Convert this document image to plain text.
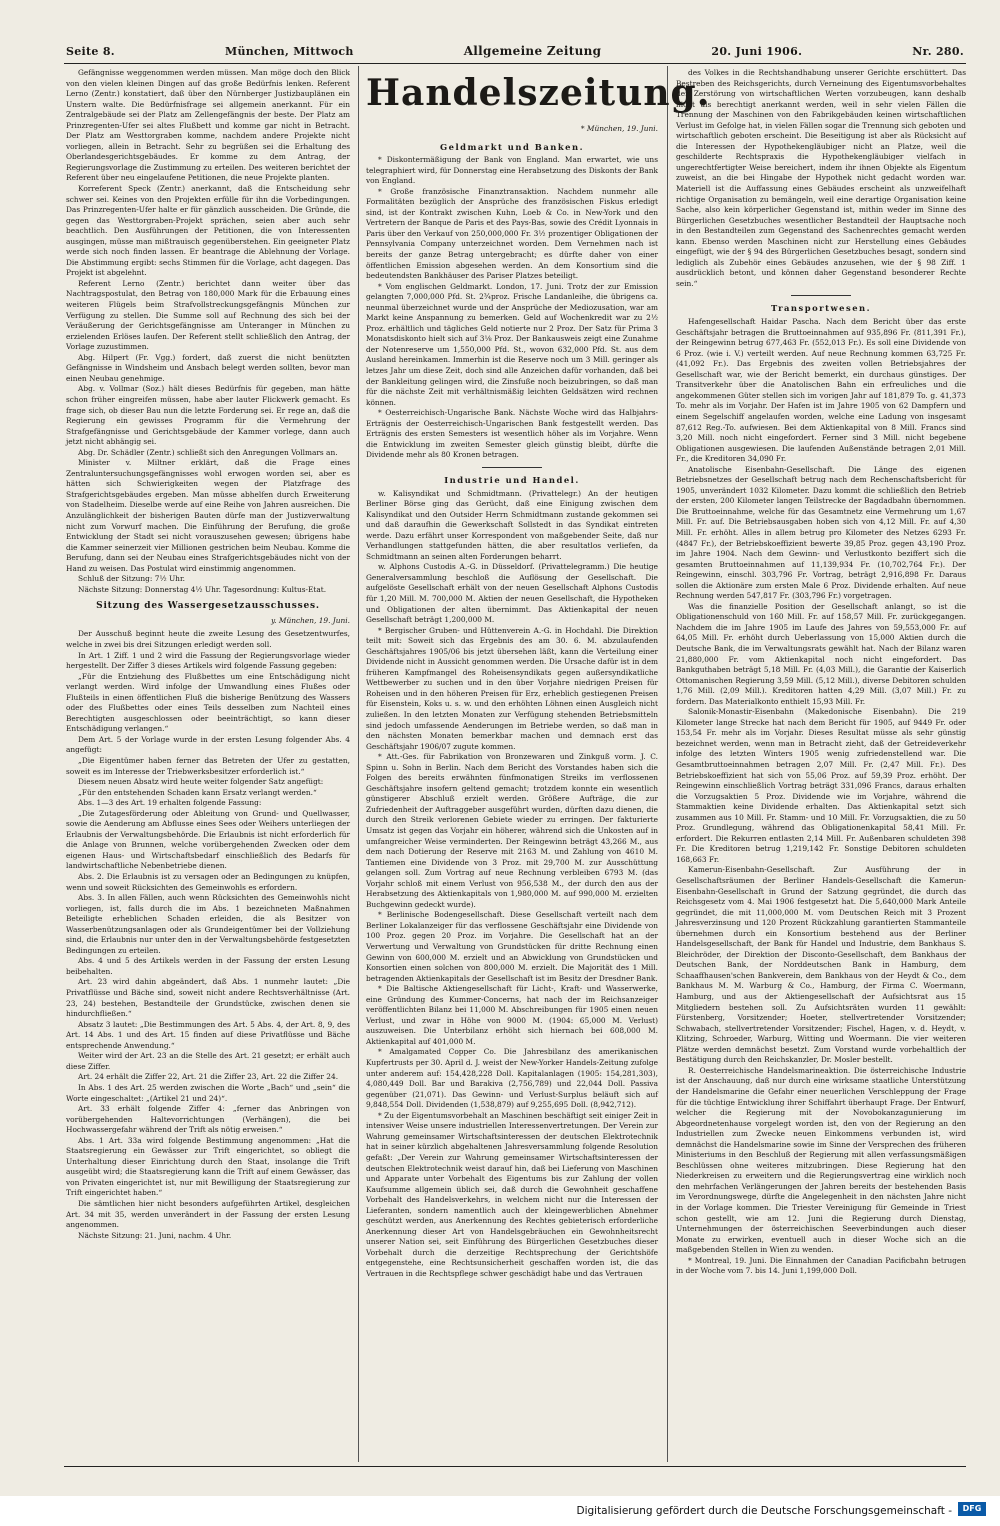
Seite 8.	München, Mittwoch	Allgemeine Zeitung	20. Juni 1906.	Nr. 280.

Gefängnisse weggenommen werden müssen. Man möge doch den Blick von den vielen kleinen Dingen auf das große Bedürfnis lenken. Referent Lerno (Zentr.) konstatiert, daß über den Nürnberger Justizbauplänen ein Unstern walte. Die Bedürfnisfrage sei allgemein anerkannt. Für ein Zentralgebäude sei der Platz am Zellengefängnis der beste. Der Platz am Prinzregenten-Ufer sei altes Flußbett und komme gar nicht in Betracht. Der Platz am Westtorgraben komme, nachdem andere Projekte nicht vorliegen, allein in Betracht. Sehr zu begrüßen sei die Erhaltung des Oberlandesgerichtsgebäudes. Er komme zu dem Antrag, der Regierungsvorlage die Zustimmung zu erteilen. Des weiteren berichtet der Referent über neu eingelaufene Petitionen, die neue Projekte planten.

Korreferent Speck (Zentr.) anerkannt, daß die Entscheidung sehr schwer sei. Keines von den Projekten erfülle für ihn die Vorbedingungen. Das Prinzregenten-Ufer halte er für gänzlich ausscheiden. Die Gründe, die gegen das Westtorgraben-Projekt sprächen, seien aber auch sehr beachtlich. Den Ausführungen der Petitionen, die von Interessenten ausgingen, müsse man mißtrauisch gegenüberstehen. Ein geeigneter Platz werde sich noch finden lassen. Er beantrage die Ablehnung der Vorlage. Die Abstimmung ergibt: sechs Stimmen für die Vorlage, acht dagegen. Das Projekt ist abgelehnt.

Referent Lerno (Zentr.) berichtet dann weiter über das Nachtragspostulat, den Betrag von 180,000 Mark für die Erbauung eines weiteren Flügels beim Strafvollstreckungsgefängnis München zur Verfügung zu stellen. Die Summe soll auf Rechnung des sich bei der Veräußerung der Gerichtsgefängnisse am Unteranger in München zu erzielenden Erlöses laufen. Der Referent stellt schließlich den Antrag, der Vorlage zuzustimmen.

Abg. Hilpert (Fr. Vgg.) fordert, daß zuerst die nicht benützten Gefängnisse in Windsheim und Ansbach belegt werden sollten, bevor man einen Neubau genehmige.

Abg. v. Vollmar (Soz.) hält dieses Bedürfnis für gegeben, man hätte schon früher eingreifen müssen, habe aber lauter Flickwerk gemacht. Es frage sich, ob dieser Bau nun die letzte Forderung sei. Er rege an, daß die Regierung ein gewisses Programm für die Vermehrung der Strafgefängnisse und Gerichtsgebäude der Kammer vorlege, dann auch jetzt nicht abhängig sei.

Abg. Dr. Schädler (Zentr.) schließt sich den Anregungen Vollmars an.

Minister v. Miltner erklärt, daß die Frage eines Zentraluntersuchungsgefängnisses wohl erwogen worden sei, aber es hätten sich Schwierigkeiten wegen der Platzfrage des Strafgerichtsgebäudes ergeben. Man müsse abhelfen durch Erweiterung von Stadelheim. Dieselbe werde auf eine Reihe von Jahren ausreichen. Die Anzulänglichkeit der bisherigen Bauten dürfe man der Justizverwaltung nicht zum Vorwurf machen. Die Einführung der Berufung, die große Entwicklung der Stadt sei nicht vorauszusehen gewesen; übrigens habe die Kammer seinerzeit vier Millionen gestrichen beim Neubau. Komme die Berufung, dann sei der Neubau eines Strafgerichtsgebäudes nicht von der Hand zu weisen. Das Postulat wird einstimmig angenommen.

Schluß der Sitzung: 7½ Uhr.

Nächste Sitzung: Donnerstag 4½ Uhr. Tagesordnung: Kultus-Etat.

Sitzung des Wassergesetzausschusses.
y. München, 19. Juni.

Der Ausschuß beginnt heute die zweite Lesung des Gesetzentwurfes, welche in zwei bis drei Sitzungen erledigt werden soll.

In Art. 1 Ziff. 1 und 2 wird die Fassung der Regierungsvorlage wieder hergestellt. Der Ziffer 3 dieses Artikels wird folgende Fassung gegeben:

„Für die Entziehung des Flußbettes um eine Entschädigung nicht verlangt werden. Wird infolge der Umwandlung eines Flußes oder Flußteils in einen öffentlichen Fluß die bisherige Benützung des Wassers oder des Flußbettes oder eines Teils desselben zum Nachteil eines Berechtigten ausgeschlossen oder beeinträchtigt, so kann dieser Entschädigung verlangen.“

Dem Art. 5 der Vorlage wurde in der ersten Lesung folgender Abs. 4 angefügt:

„Die Eigentümer haben ferner das Betreten der Ufer zu gestatten, soweit es im Interesse der Triebwerksbesitzer erforderlich ist.“

Diesem neuen Absatz wird heute weiter folgender Satz angefügt:

„Für den entstehenden Schaden kann Ersatz verlangt werden.“

Abs. 1—3 des Art. 19 erhalten folgende Fassung:

„Die Zutagesförderung oder Ableitung von Grund- und Quellwasser, sowie die Aenderung am Abflusse eines Sees oder Weihers unterliegen der Erlaubnis der Verwaltungsbehörde. Die Erlaubnis ist nicht erforderlich für die Anlage von Brunnen, welche vorübergehenden Zwecken oder dem eigenen Haus- und Wirtschaftsbedarf einschließlich des Bedarfs für landwirtschaftliche Nebenbetriebe dienen.

Abs. 2. Die Erlaubnis ist zu versagen oder an Bedingungen zu knüpfen, wenn und soweit Rücksichten des Gemeinwohls es erfordern.

Abs. 3. In allen Fällen, auch wenn Rücksichten des Gemeinwohls nicht vorliegen, ist, falls durch die im Abs. 1 bezeichneten Maßnahmen Beteiligte erheblichen Schaden erleiden, die als Besitzer von Wasserbenützungsanlagen oder als Grundeigentümer bei der Vollziehung sind, die Erlaubnis nur unter den in der Verwaltungsbehörde festgesetzten Bedingungen zu erteilen.

Abs. 4 und 5 des Artikels werden in der Fassung der ersten Lesung beibehalten.

Art. 23 wird dahin abgeändert, daß Abs. 1 nunmehr lautet: „Die Privatflüsse und Bäche sind, soweit nicht andere Rechtsverhältnisse (Art. 23, 24) bestehen, Bestandteile der Grundstücke, zwischen denen sie hindurchfließen.“

Absatz 3 lautet: „Die Bestimmungen des Art. 5 Abs. 4, der Art. 8, 9, des Art. 14 Abs. 1 und des Art. 15 finden auf diese Privatflüsse und Bäche entsprechende Anwendung.“

Weiter wird der Art. 23 an die Stelle des Art. 21 gesetzt; er erhält auch diese Ziffer.

Art. 24 erhält die Ziffer 22, Art. 21 die Ziffer 23, Art. 22 die Ziffer 24.

In Abs. 1 des Art. 25 werden zwischen die Worte „Bach“ und „sein“ die Worte eingeschaltet: „(Artikel 21 und 24)“.

Art. 33 erhält folgende Ziffer 4: „ferner das Anbringen von vorübergehenden Haltevorrichtungen (Verhängen), die bei Hochwassergefahr während der Trift als nötig erweisen.“

Abs. 1 Art. 33a wird folgende Bestimmung angenommen: „Hat die Staatsregierung ein Gewässer zur Trift eingerichtet, so obliegt die Unterhaltung dieser Einrichtung durch den Staat, insolange die Trift ausgeübt wird; die Staatsregierung kann die Trift auf einem Gewässer, das von Privaten eingerichtet ist, nur mit Bewilligung der Staatsregierung zur Trift eingerichtet haben.“

Die sämtlichen hier nicht besonders aufgeführten Artikel, desgleichen Art. 34 mit 35, werden unverändert in der Fassung der ersten Lesung angenommen.

Nächste Sitzung: 21. Juni, nachm. 4 Uhr.

Handelszeitung.
* München, 19. Juni.
Geldmarkt und Banken.

* Diskontermäßigung der Bank von England. Man erwartet, wie uns telegraphiert wird, für Donnerstag eine Herabsetzung des Diskonts der Bank von England.

* Große französische Finanztransaktion. Nachdem nunmehr alle Formalitäten bezüglich der Ansprüche des französischen Fiskus erledigt sind, ist der Kontrakt zwischen Kuhn, Loeb & Co. in New-York und den Vertretern der Banque de Paris et des Pays-Bas, sowie des Crédit Lyonnais in Paris über den Verkauf von 250,000,000 Fr. 3½ prozentiger Obligationen der Pennsylvania Company unterzeichnet worden. Dem Vernehmen nach ist bereits der ganze Betrag untergebracht; es dürfte daher von einer öffentlichen Emission abgesehen werden. An dem Konsortium sind die bedeutendsten Bankhäuser des Pariser Platzes beteiligt.

* Vom englischen Geldmarkt. London, 17. Juni. Trotz der zur Emission gelangten 7,000,000 Pfd. St. 2¾proz. Frische Landanleihe, die übrigens ca. neunmal überzeichnet wurde und der Ansprüche der Mediozusation, war am Markt keine Anspannung zu bemerken. Geld auf Wochenkredit war zu 2½ Proz. erhältlich und tägliches Geld notierte nur 2 Proz. Der Satz für Prima 3 Monatsdiskonto hielt sich auf 3⅛ Proz. Der Bankausweis zeigt eine Zunahme der Notenreserve um 1,550,000 Pfd. St., wovon 632,000 Pfd. St. aus dem Ausland hereinkamen. Immerhin ist die Reserve noch um 3 Mill. geringer als letzes Jahr um diese Zeit, doch sind alle Anzeichen dafür vorhanden, daß bei der Bankleitung gelingen wird, die Zinsfuße noch beizubringen, so daß man für die nächste Zeit mit verhältnismäßig leichten Geldsätzen wird rechnen können.

* Oesterreichisch-Ungarische Bank. Nächste Woche wird das Halbjahrs-Erträgnis der Oesterreichisch-Ungarischen Bank festgestellt werden. Das Erträgnis des ersten Semesters ist wesentlich höher als im Vorjahre. Wenn die Entwicklung im zweiten Semester gleich günstig bleibt, dürfte die Dividende mehr als 80 Kronen betragen.

Industrie und Handel.

w. Kalisyndikat und Schmidtmann. (Privattelegr.) An der heutigen Berliner Börse ging das Gerücht, daß eine Einigung zwischen dem Kalisyndikat und den Outsider Herrn Schmidtmann zustande gekommen sei und daß daraufhin die Gewerkschaft Sollstedt in das Syndikat eintreten werde. Dazu erfährt unser Korrespondent von maßgebender Seite, daß nur Verhandlungen stattgefunden hätten, die aber resultatlos verliefen, da Schmidtmann an seinen alten Forderungen beharrt.

w. Alphons Custodis A.-G. in Düsseldorf. (Privattelegramm.) Die heutige Generalversammlung beschloß die Auflösung der Gesellschaft. Die aufgelöste Gesellschaft erhält von der neuen Gesellschaft Alphons Custodis für 1,20 Mill. M. 700,000 M. Aktien der neuen Gesellschaft, die Hypotheken und Obligationen der alten übernimmt. Das Aktienkapital der neuen Gesellschaft beträgt 1,200,000 M.

* Bergischer Gruben- und Hüttenverein A.-G. in Hochdahl. Die Direktion teilt mit: Soweit sich das Ergebnis des am 30. 6. M. abzulaufenden Geschäftsjahres 1905/06 bis jetzt übersehen läßt, kann die Verteilung einer Dividende nicht in Aussicht genommen werden. Die Ursache dafür ist in dem früheren Kampfmangel des Roheisensyndikats gegen außersyndikatliche Wettbewerber zu suchen und in den über Vorjahre niedrigen Preisen für Roheisen und in den höheren Preisen für Erz, erheblich gestiegenen Preisen für Eisenstein, Koks u. s. w. und den erhöhten Löhnen einen Ausgleich nicht zuließen. In den letzten Monaten zur Verfügung stehenden Betriebsmitteln sind jedoch umfassende Aenderungen im Betriebe werden, so daß man in den nächsten Monaten bemerkbar machen und demnach erst das Geschäftsjahr 1906/07 zugute kommen.

* Att.-Ges. für Fabrikation von Bronzewaren und Zinkguß vorm. J. C. Spinn u. Sohn in Berlin. Nach dem Bericht des Vorstandes haben sich die Folgen des bereits erwähnten fünfmonatigen Streiks im verflossenen Geschäftsjahre insofern geltend gemacht; trotzdem konnte ein wesentlich günstigerer Abschluß erzielt werden. Größere Aufträge, die zur Zufriedenheit der Auftraggeber ausgeführt wurden, dürften dazu dienen, die durch den Streik verlorenen Gebiete wieder zu erringen. Der fakturierte Umsatz ist gegen das Vorjahr ein höherer, während sich die Unkosten auf in umfangreicher Weise verminderten. Der Reingewinn beträgt 43,266 M., aus dem nach Dotierung der Reserve mit 2163 M. und Zahlung von 4610 M. Tantiemen eine Dividende von 3 Proz. mit 29,700 M. zur Ausschüttung gelangen soll. Zum Vortrag auf neue Rechnung verbleiben 6793 M. (das Vorjahr schloß mit einem Verlust von 956,538 M., der durch den aus der Herabsetzung des Aktienkapitals von 1,980,000 M. auf 990,000 M. erzielten Buchgewinn gedeckt wurde).

* Berlinische Bodengesellschaft. Diese Gesellschaft verteilt nach dem Berliner Lokalanzeiger für das verflossene Geschäftsjahr eine Dividende von 100 Proz. gegen 20 Proz. im Vorjahre. Die Gesellschaft hat an der Verwertung und Verwaltung von Grundstücken für dritte Rechnung einen Gewinn von 600,000 M. erzielt und an Abwicklung von Grundstücken und Konsortien einen solchen von 800,000 M. erzielt. Die Majorität des 1 Mill. betragenden Aktienkapitals der Gesellschaft ist im Besitz der Dresdner Bank.

* Die Baltische Aktiengesellschaft für Licht-, Kraft- und Wasserwerke, eine Gründung des Kummer-Concerns, hat nach der im Reichsanzeiger veröffentlichten Bilanz bei 11,000 M. Abschreibungen für 1905 einen neuen Verlust, und zwar in Höhe von 9000 M. (1904: 65,000 M. Verlust) auszuweisen. Die Unterbilanz erhöht sich hiernach bei 608,000 M. Aktienkapital auf 401,000 M.

* Amalgamated Copper Co. Die Jahresbilanz des amerikanischen Kupfertrusts per 30. April d. J. weist der New-Yorker Handels-Zeitung zufolge unter anderem auf: 154,428,228 Doll. Kapitalanlagen (1905: 154,281,303), 4,080,449 Doll. Bar und Barakiva (2,756,789) und 22,044 Doll. Passiva gegenüber (21,071). Das Gewinn- und Verlust-Surplus beläuft sich auf 9,848,554 Doll. Dividenden (1,538,879) auf 9,255,695 Doll. (8,942,712).

* Zu der Eigentumsvorbehalt an Maschinen beschäftigt seit einiger Zeit in intensiver Weise unsere industriellen Interessenvertretungen. Der Verein zur Wahrung gemeinsamer Wirtschaftsinteressen der deutschen Elektrotechnik hat in seiner kürzlich abgehaltenen Jahresversammlung folgende Resolution gefaßt: „Der Verein zur Wahrung gemeinsamer Wirtschaftsinteressen der deutschen Elektrotechnik weist darauf hin, daß bei Lieferung von Maschinen und Apparate unter Vorbehalt des Eigentums bis zur Zahlung der vollen Kaufsumme allgemein üblich sei, daß durch die Gewohnheit geschaffene Vorbehalt des Handelsverkehrs, in welchem nicht nur die Interessen der Lieferanten, sondern namentlich auch der kleingewerblichen Abnehmer geschützt werden, aus Anerkennung des Rechtes gebieterisch erforderliche Anerkennung dieser Art von Handelsgebräuchen ein Gewohnheitsrecht unserer Nation sei, seit Einführung des Bürgerlichen Gesetzbuches dieser Vorbehalt durch die derzeitige Rechtsprechung der Gerichtshöfe entgegenstehe, eine Rechtsunsicherheit geschaffen worden ist, die das Vertrauen in die Rechtspflege schwer geschädigt habe und das Vertrauen

des Volkes in die Rechtshandhabung unserer Gerichte erschüttert. Das Bestreben des Reichsgerichts, durch Verneinung des Eigentumsvorbehaltes der Zerstörung von wirtschaftlichen Werten vorzubeugen, kann deshalb nicht als berechtigt anerkannt werden, weil in sehr vielen Fällen die Trennung der Maschinen von den Fabrikgebäuden keinen wirtschaftlichen Verlust im Gefolge hat, in vielen Fällen sogar die Trennung sich geboten und wirtschaftlich geboten erscheint. Die Beseitigung ist aber als Rücksicht auf die Interessen der Hypothekengläubiger nicht an Platze, weil die geschilderte Rechtspraxis die Hypothekengläubiger vielfach in ungerechtfertigter Weise bereichert, indem ihr ihnen Objekte als Eigentum zuweist, an die bei Hingabe der Hypothek nicht gedacht worden war. Materiell ist die Auffassung eines Gebäudes erscheint als unzweifelhaft richtige Organisation zu bemängeln, weil eine derartige Organisation keine Sache, also kein körperlicher Gegenstand ist, mithin weder im Sinne des Bürgerlichen Gesetzbuches wesentlicher Bestandteil der Hauptsache noch in den Bestandteilen zum Gegenstand des Sachenrechtes gemacht werden kann. Ebenso werden Maschinen nicht zur Herstellung eines Gebäudes eingefügt, wie der § 94 des Bürgerlichen Gesetzbuches besagt, sondern sind lediglich als Zubehör eines Gebäudes anzusehen, wie der § 98 Ziff. 1 ausdrücklich betont, und können daher Gegenstand besonderer Rechte sein.“

Transportwesen.

Hafengesellschaft Haidar Pascha. Nach dem Bericht über das erste Geschäftsjahr betragen die Bruttoeinnahmen auf 935,896 Fr. (811,391 Fr.), der Reingewinn betrug 677,463 Fr. (552,013 Fr.). Es soll eine Dividende von 6 Proz. (wie i. V.) verteilt werden. Auf neue Rechnung kommen 63,725 Fr. (41,092 Fr.). Das Ergebnis des zweiten vollen Betriebsjahres der Gesellschaft war, wie der Bericht bemerkt, ein durchaus günstiges. Der Transitverkehr über die Anatolischen Bahn ein erfreuliches und die angekommenen Güter stellen sich im vorigen Jahr auf 181,879 To. g. 41,373 To. mehr als im Vorjahr. Der Hafen ist im Jahre 1905 von 62 Dampfern und einem Segelschiff angelaufen worden, welche eine Ladung von insgesamt 87,612 Reg.-To. aufwiesen. Bei dem Aktienkapital von 8 Mill. Francs sind 3,20 Mill. noch nicht eingefordert. Ferner sind 3 Mill. nicht begebene Obligationen ausgewiesen. Die laufenden Außenstände betragen 2,01 Mill. Fr., die Kreditoren 34,090 Fr.

Anatolische Eisenbahn-Gesellschaft. Die Länge des eigenen Betriebsnetzes der Gesellschaft betrug nach dem Rechenschaftsbericht für 1905, unverändert 1032 Kilometer. Dazu kommt die schließlich den Betrieb der ersten, 200 Kilometer langen Teilstrecke der Bagdadbahn übernommen. Die Bruttoeinnahme, welche für das Gesamtnetz eine Vermehrung um 1,67 Mill. Fr. auf. Die Betriebsausgaben hoben sich von 4,12 Mill. Fr. auf 4,30 Mill. Fr. erhöht. Alles in allem betrug pro Kilometer des Netzes 6293 Fr. (4847 Fr.), der Betriebskoeffizient bewerte 39,85 Proz. gegen 43,190 Proz. im Jahre 1904. Nach dem Gewinn- und Verlustkonto beziffert sich die gesamten Bruttoeinnahmen auf 11,139,934 Fr. (10,702,764 Fr.). Der Reingewinn, einschl. 303,796 Fr. Vortrag, beträgt 2,916,898 Fr. Daraus sollen die Aktionäre zum ersten Male 6 Proz. Dividende erhalten. Auf neue Rechnung werden 547,817 Fr. (303,796 Fr.) vorgetragen.

Was die finanzielle Position der Gesellschaft anlangt, so ist die Obligationenschuld von 160 Mill. Fr. auf 158,57 Mill. Fr. zurückgegangen. Nachdem die im Jahre 1905 im Laufe des Jahres von 59,553,000 Fr. auf 64,05 Mill. Fr. erhöht durch Ueberlassung von 15,000 Aktien durch die Deutsche Bank, die im Verwaltungsrats gewählt hat. Nach der Bilanz waren 21,880,000 Fr. vom Aktienkapital noch nicht eingefordert. Das Bankguthaben beträgt 5,18 Mill. Fr. (4,03 Mill.), die Garantie der Kaiserlich Ottomanischen Regierung 3,59 Mill. (5,12 Mill.), diverse Debitoren schulden 1,76 Mill. (2,09 Mill.). Kreditoren hatten 4,29 Mill. (3,07 Mill.) Fr. zu fordern. Das Materialkonto enthielt 15,93 Mill. Fr.

Salonik-Monastir-Eisenbahn (Makedonische Eisenbahn). Die 219 Kilometer lange Strecke hat nach dem Bericht für 1905, auf 9449 Fr. oder 153,54 Fr. mehr als im Vorjahr. Dieses Resultat müsse als sehr günstig bezeichnet werden, wenn man in Betracht zieht, daß der Getreideverkehr infolge des letzten Winters 1905 wenig zufriedenstellend war. Die Gesamtbruttoeinnahmen betragen 2,07 Mill. Fr. (2,47 Mill. Fr.). Des Betriebskoeffizient hat sich von 55,06 Proz. auf 59,39 Proz. erhöht. Der Reingewinn einschließlich Vortrag beträgt 331,096 Francs, daraus erhalten die Vorzugsaktien 5 Proz. Dividende wie im Vorjahre, während die Stammaktien keine Dividende erhalten. Das Aktienkapital setzt sich zusammen aus 10 Mill. Fr. Stamm- und 10 Mill. Fr. Vorzugsaktien, die zu 50 Proz. Grundlegung, während das Obligationenkapital 58,41 Mill. Fr. erfordert. Die Rekurren entlasten 2,14 Mill. Fr. Außenbaren schuldeten 398 Fr. Die Kreditoren betrug 1,219,142 Fr. Sonstige Debitoren schuldeten 168,663 Fr.

Kamerun-Eisenbahn-Gesellschaft. Zur Ausführung der in Gesellschaftsräumen der Berliner Handels-Gesellschaft die Kamerun-Eisenbahn-Gesellschaft in Grund der Satzung gegründet, die durch das Reichsgesetz vom 4. Mai 1906 festgesetzt hat. Die 5,640,000 Mark Anteile gegründet, die mit 11,000,000 M. vom Deutschen Reich mit 3 Prozent Jahresverzinsung und 120 Prozent Rückzahlung garantierten Stammanteile übernehmen durch ein Konsortium bestehend aus der Berliner Handelsgesellschaft, der Bank für Handel und Industrie, dem Bankhaus S. Bleichröder, der Direktion der Disconto-Gesellschaft, dem Bankhaus der Deutschen Bank, der Norddeutschen Bank in Hamburg, dem Schaaffhausen'schen Bankverein, dem Bankhaus von der Heydt & Co., dem Bankhaus M. M. Warburg & Co., Hamburg, der Firma C. Woermann, Hamburg, und aus der Aktiengesellschaft der Aufsichtsrat aus 15 Mitgliedern bestehen soll. Zu Aufsichtsräten wurden 11 gewählt: Fürstenberg, Vorsitzender; Hoeter, stellvertretender Vorsitzender; Schwabach, stellvertretender Vorsitzender; Fischel, Hagen, v. d. Heydt, v. Klitzing, Schroeder, Warburg, Witting und Woermann. Die vier weiteren Plätze werden demnächst besetzt. Zum Vorstand wurde vorbehaltlich der Bestätigung durch den Reichskanzler, Dr. Mosler bestellt.

R. Oesterreichische Handelsmarineaktion. Die österreichische Industrie ist der Anschauung, daß nur durch eine wirksame staatliche Unterstützung der Handelsmarine die Gefahr einer neuerlichen Verschleppung der Frage für die tüchtige Entwicklung ihrer Schiffahrt überhaupt Frage. Der Entwurf, welcher die Regierung mit der Novobokanzagunierung im Abgeordnetenhause vorgelegt worden ist, den von der Regierung an den Industriellen zum Zwecke neuen Einkommens verbunden ist, wird demnächst die Handelsmarine sowie im Sinne der Versprechen des früheren Ministeriums in den Beschluß der Regierung mit allen verfassungsmäßigen Beschlüssen ohne weiteres mitzubringen. Diese Regierung hat den Niederkreisen zu erweitern und die Regierungsvertrag eine wirklich noch den mehrfachen Verlängerungen der Jahren bereits der bestehenden Basis im Verordnungswege, dürfte die Angelegenheit in den nächsten Jahre nicht in der Vorlage kommen. Die Triester Vereinigung für Gemeinde in Triest schon gestellt, wie am 12. Juni die Regierung durch Dienstag, Unternehmungen der österreichischen Seeverbindungen auch dieser Monate zu erwirken, eventuell auch in dieser Woche sich an die maßgebenden Stellen in Wien zu wenden.

* Montreal, 19. Juni. Die Einnahmen der Canadian Pacificbahn betrugen in der Woche vom 7. bis 14. Juni 1,199,000 Doll.

Digitalisierung gefördert durch die Deutsche Forschungsgemeinschaft -	DFG
